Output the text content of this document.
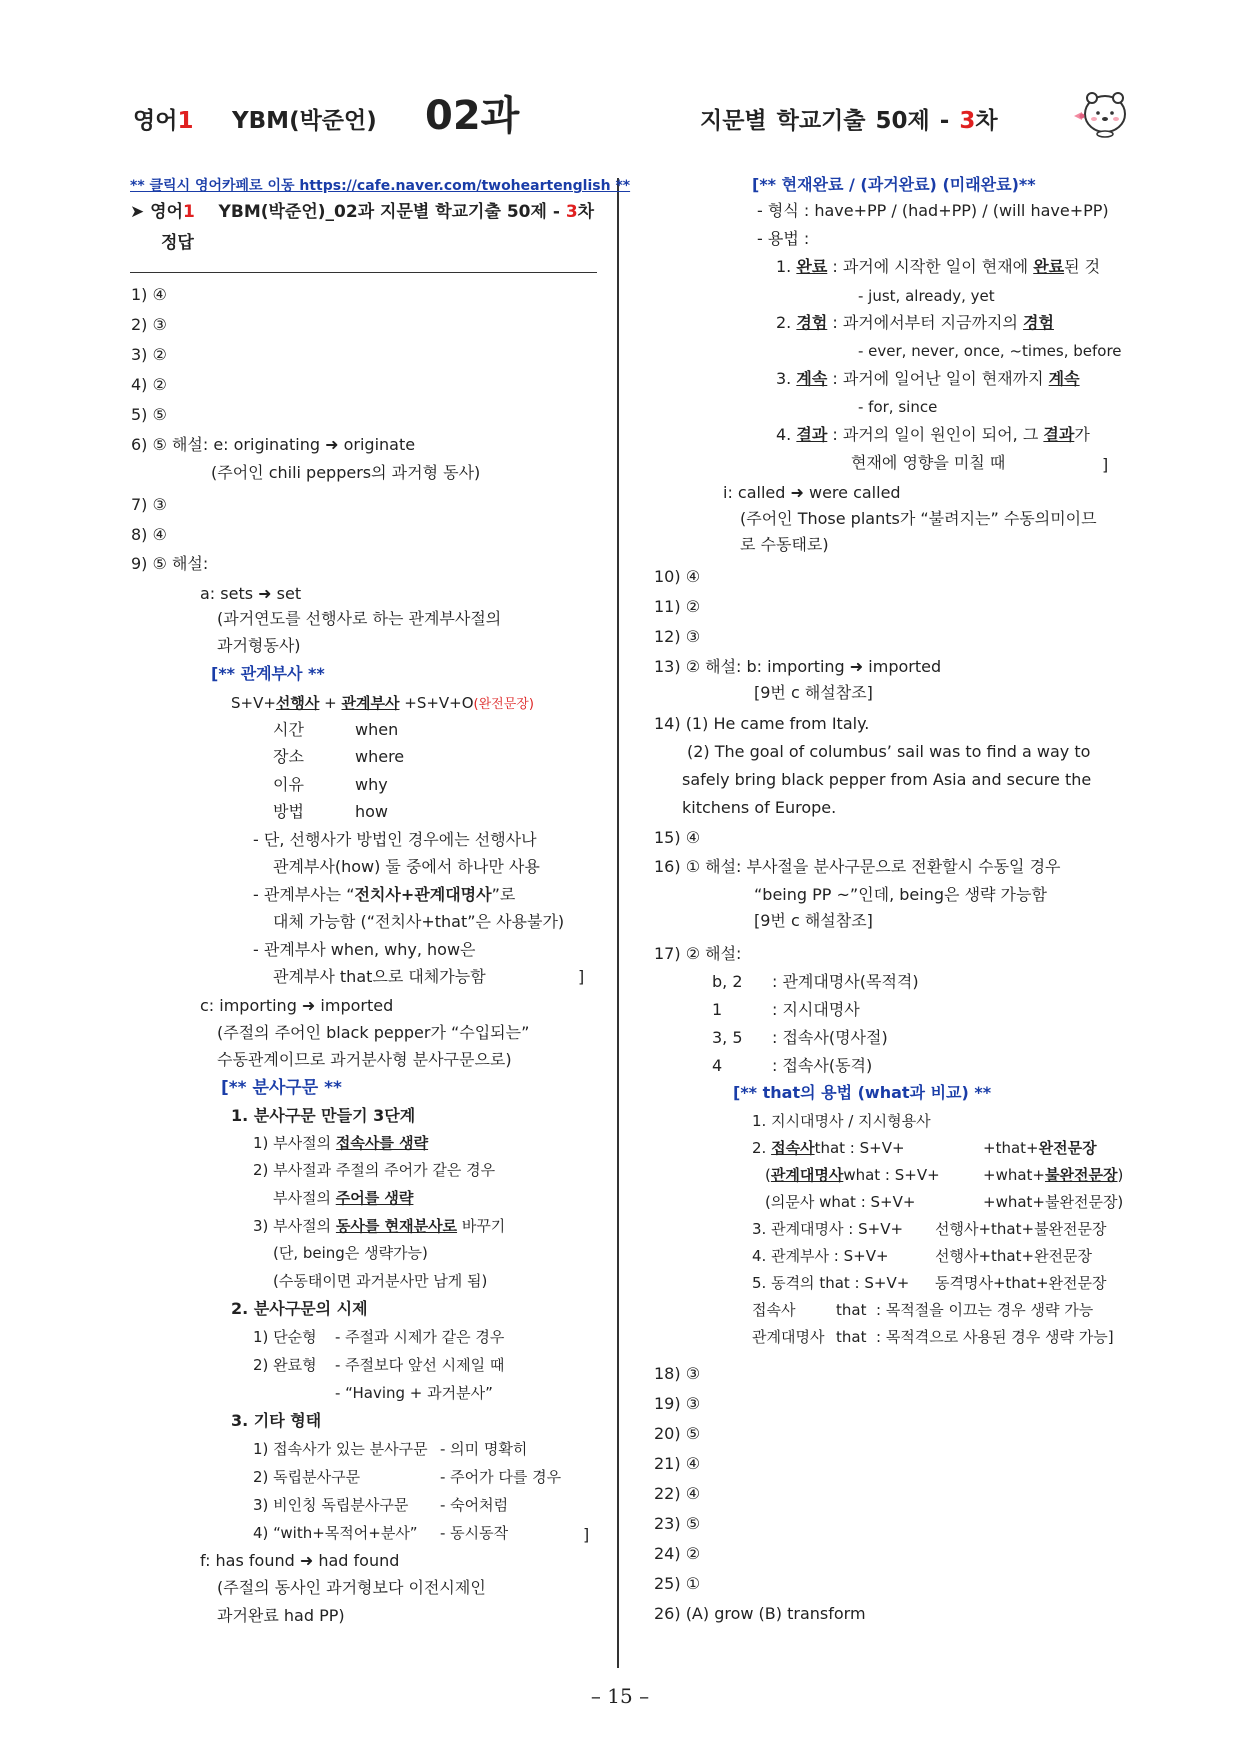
영어1 YBM(박준언) 02과	지문별 학교기출 50제 - 3차
** 클릭시 영어카페로 이동 https://cafe.naver.com/twoheartenglish **
➤ 영어1 YBM(박준언)_02과 지문별 학교기출 50제 - 3차
정답
1) ④
2) ③
3) ②
4) ②
5) ⑤
6) ⑤ 해설: e: originating ➜ originate
(주어인 chili peppers의 과거형 동사)
7) ③
8) ④
9) ⑤ 해설:
a: sets ➜ set
(과거연도를 선행사로 하는 관계부사절의
과거형동사)
[** 관계부사 **
S+V+선행사 + 관계부사 +S+V+O(완전문장)
시간	when
장소	where
이유	why
방법	how
- 단, 선행사가 방법인 경우에는 선행사나
관계부사(how) 둘 중에서 하나만 사용
- 관계부사는 “전치사+관계대명사”로
대체 가능함 (“전치사+that”은 사용불가)
- 관계부사 when, why, how은
관계부사 that으로 대체가능함	]
c: importing ➜ imported
(주절의 주어인 black pepper가 “수입되는”
수동관계이므로 과거분사형 분사구문으로)
[** 분사구문 **
1. 분사구문 만들기 3단계
1) 부사절의 접속사를 생략
2) 부사절과 주절의 주어가 같은 경우
부사절의 주어를 생략
3) 부사절의 동사를 현재분사로 바꾸기
(단, being은 생략가능)
(수동태이면 과거분사만 남게 됨)
2. 분사구문의 시제
1) 단순형 - 주절과 시제가 같은 경우
2) 완료형 - 주절보다 앞선 시제일 때
- “Having + 과거분사”
3. 기타 형태
1) 접속사가 있는 분사구문 - 의미 명확히
2) 독립분사구문	- 주어가 다를 경우
3) 비인칭 독립분사구문 - 숙어처럼
4) “with+목적어+분사” - 동시동작	]
f: has found ➜ had found
(주절의 동사인 과거형보다 이전시제인
과거완료 had PP)
[** 현재완료 / (과거완료) (미래완료)**
- 형식 : have+PP / (had+PP) / (will have+PP)
- 용법 :
1. 완료 : 과거에 시작한 일이 현재에 완료된 것
- just, already, yet
2. 경험 : 과거에서부터 지금까지의 경험
- ever, never, once, ~times, before
3. 계속 : 과거에 일어난 일이 현재까지 계속
- for, since
4. 결과 : 과거의 일이 원인이 되어, 그 결과가
현재에 영향을 미칠 때	]
i: called ➜ were called
(주어인 Those plants가 “불려지는” 수동의미이므
로 수동태로)
10) ④
11) ②
12) ③
13) ② 해설: b: importing ➜ imported
[9번 c 해설참조]
14) (1) He came from Italy.
(2) The goal of columbus’ sail was to find a way to
safely bring black pepper from Asia and secure the
kitchens of Europe.
15) ④
16) ① 해설: 부사절을 분사구문으로 전환할시 수동일 경우
“being PP ~”인데, being은 생략 가능함
[9번 c 해설참조]
17) ② 해설:
b, 2 : 관계대명사(목적격)
1	: 지시대명사
3, 5 : 접속사(명사절)
4	: 접속사(동격)
[** that의 용법 (what과 비교) **
1. 지시대명사 / 지시형용사
2. 접속사that : S+V+	+that+완전문장
(관계대명사what : S+V+	+what+불완전문장)
(의문사 what : S+V+	+what+불완전문장)
3. 관계대명사 : S+V+ 선행사+that+불완전문장
4. 관계부사 : S+V+	선행사+that+완전문장
5. 동격의 that : S+V+ 동격명사+that+완전문장
접속사	that : 목적절을 이끄는 경우 생략 가능
관계대명사 that : 목적격으로 사용된 경우 생략 가능]
18) ③
19) ③
20) ⑤
21) ④
22) ④
23) ⑤
24) ②
25) ①
26) (A) grow (B) transform
– 15 –
